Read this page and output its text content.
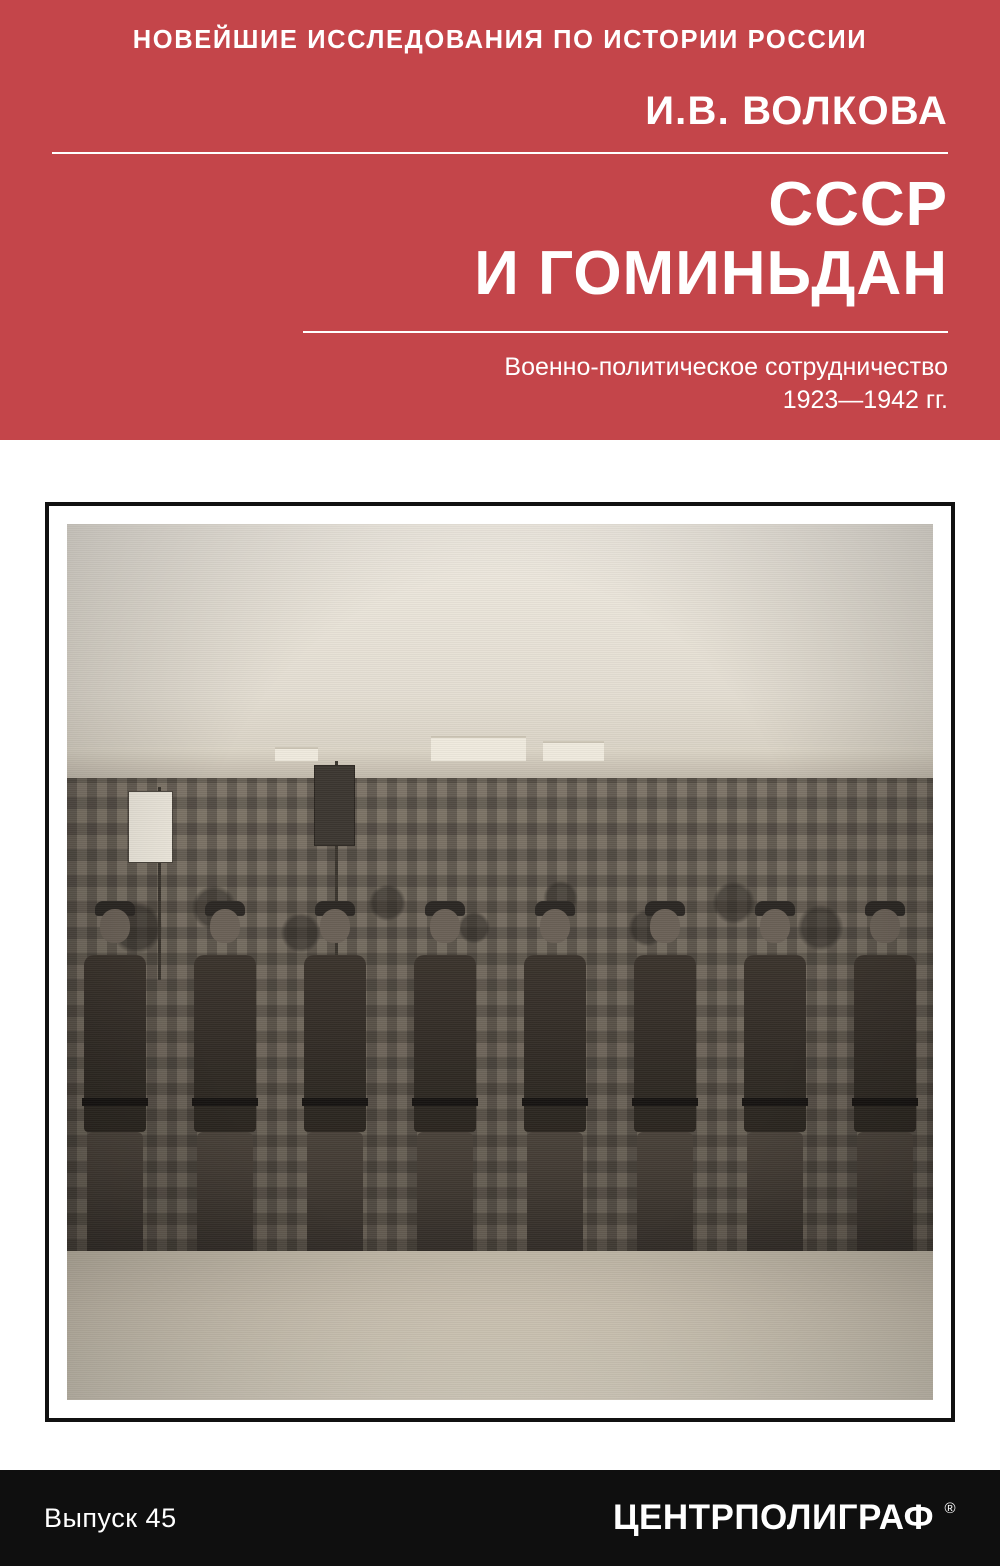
НОВЕЙШИЕ ИССЛЕДОВАНИЯ ПО ИСТОРИИ РОССИИ
И.В. ВОЛКОВА
СССР
И ГОМИНЬДАН
Военно-политическое сотрудничество
1923—1942 гг.
Выпуск 45	ЦЕНТРПОЛИГРАФ ®
